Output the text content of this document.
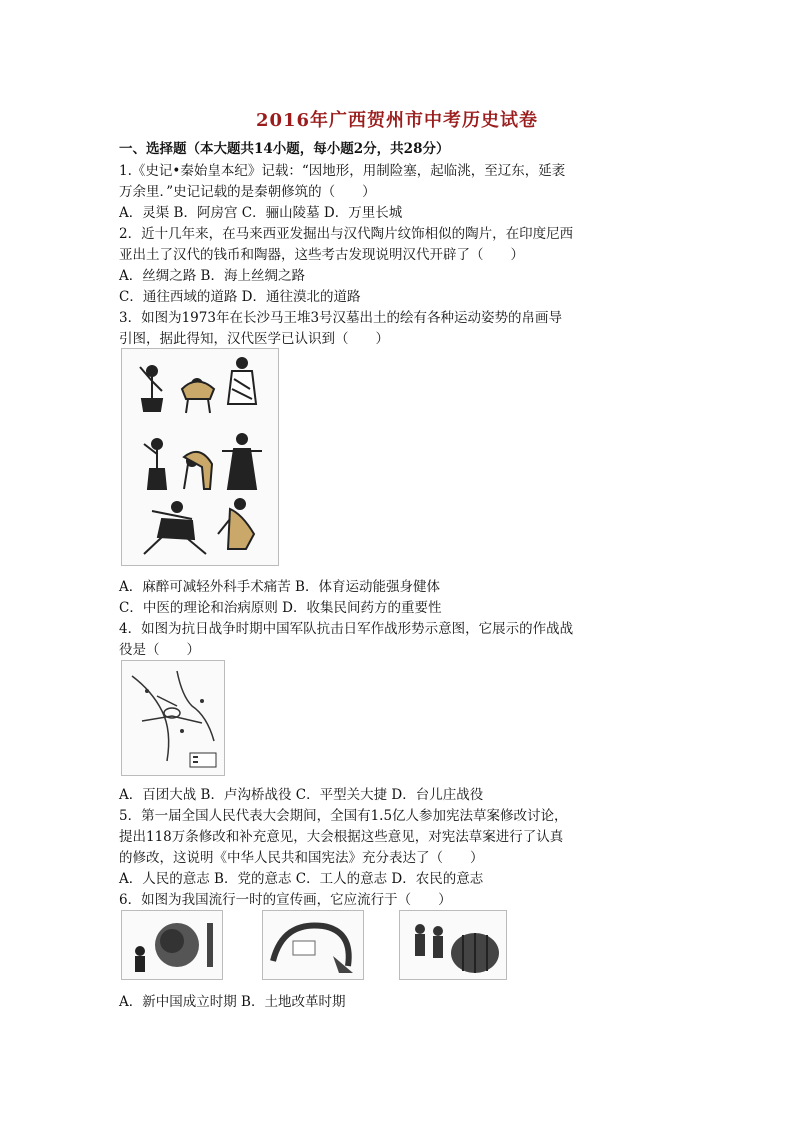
2016年广西贺州市中考历史试卷
一、选择题（本大题共14小题，每小题2分，共28分）
1.《史记•秦始皇本纪》记载：“因地形，用制险塞，起临洮，至辽东，延袤
万余里．”史记记载的是秦朝修筑的（　　）
A．灵渠 B．阿房宫 C．骊山陵墓 D．万里长城
2．近十几年来，在马来西亚发掘出与汉代陶片纹饰相似的陶片，在印度尼西
亚出土了汉代的钱币和陶器，这些考古发现说明汉代开辟了（　　）
A．丝绸之路 B．海上丝绸之路
C．通往西域的道路 D．通往漠北的道路
3．如图为1973年在长沙马王堆3号汉墓出土的绘有各种运动姿势的帛画导
引图，据此得知，汉代医学已认识到（　　）
A．麻醉可减轻外科手术痛苦 B．体育运动能强身健体
C．中医的理论和治病原则 D．收集民间药方的重要性
4．如图为抗日战争时期中国军队抗击日军作战形势示意图，它展示的作战战
役是（　　）
A．百团大战 B．卢沟桥战役 C．平型关大捷 D．台儿庄战役
5．第一届全国人民代表大会期间，全国有1.5亿人参加宪法草案修改讨论，
提出118万条修改和补充意见，大会根据这些意见，对宪法草案进行了认真
的修改，这说明《中华人民共和国宪法》充分表达了（　　）
A．人民的意志 B．党的意志 C．工人的意志 D．农民的意志
6．如图为我国流行一时的宣传画，它应流行于（　　）
A．新中国成立时期 B．土地改革时期
